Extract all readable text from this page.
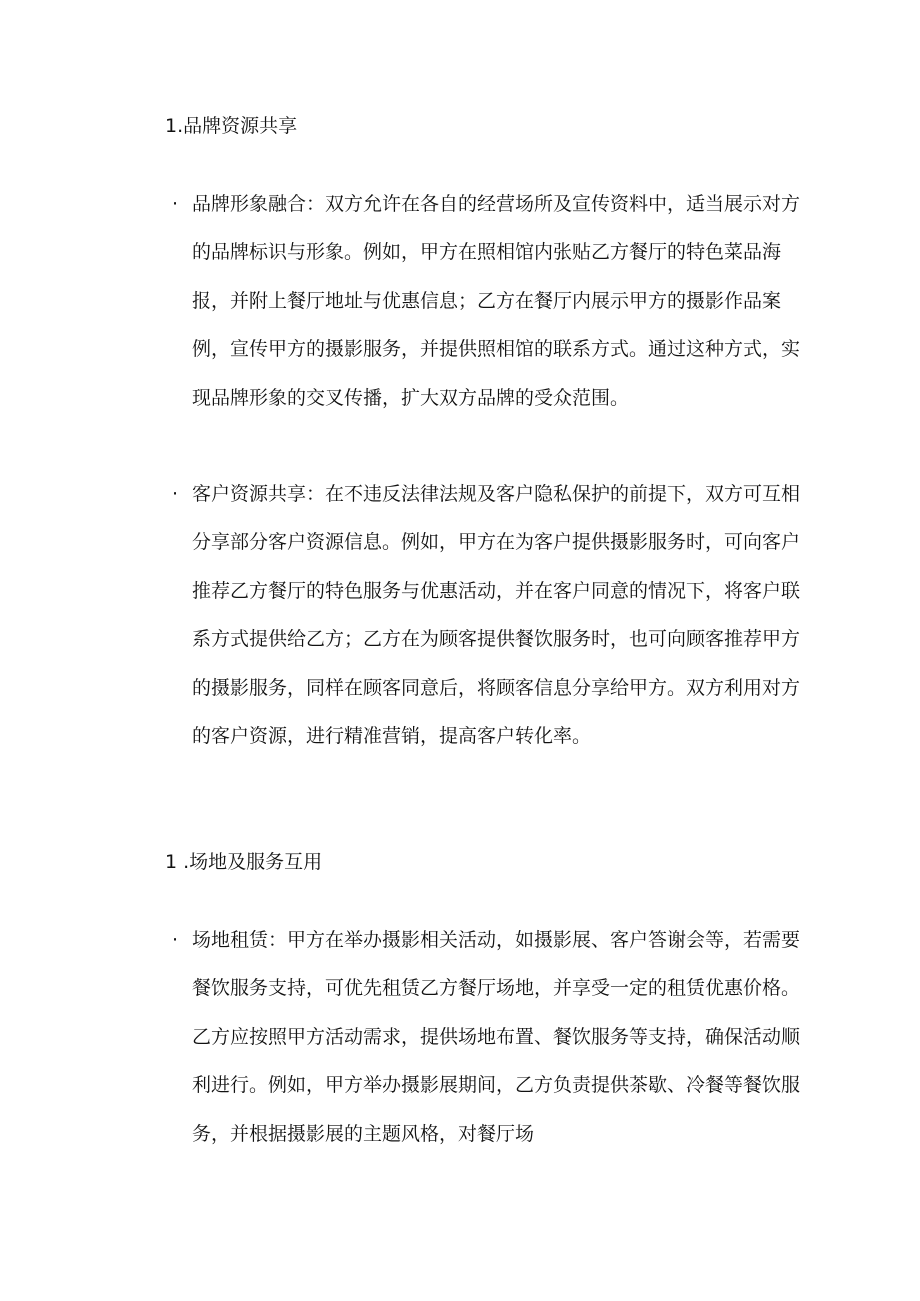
1.品牌资源共享
· 品牌形象融合：双方允许在各自的经营场所及宣传资料中，适当展示对方的品牌标识与形象。例如，甲方在照相馆内张贴乙方餐厅的特色菜品海报，并附上餐厅地址与优惠信息；乙方在餐厅内展示甲方的摄影作品案例，宣传甲方的摄影服务，并提供照相馆的联系方式。通过这种方式，实现品牌形象的交叉传播，扩大双方品牌的受众范围。
· 客户资源共享：在不违反法律法规及客户隐私保护的前提下，双方可互相分享部分客户资源信息。例如，甲方在为客户提供摄影服务时，可向客户推荐乙方餐厅的特色服务与优惠活动，并在客户同意的情况下，将客户联系方式提供给乙方；乙方在为顾客提供餐饮服务时，也可向顾客推荐甲方的摄影服务，同样在顾客同意后，将顾客信息分享给甲方。双方利用对方的客户资源，进行精准营销，提高客户转化率。
1 .场地及服务互用
· 场地租赁：甲方在举办摄影相关活动，如摄影展、客户答谢会等，若需要餐饮服务支持，可优先租赁乙方餐厅场地，并享受一定的租赁优惠价格。乙方应按照甲方活动需求，提供场地布置、餐饮服务等支持，确保活动顺利进行。例如，甲方举办摄影展期间，乙方负责提供茶歇、冷餐等餐饮服务，并根据摄影展的主题风格，对餐厅场
